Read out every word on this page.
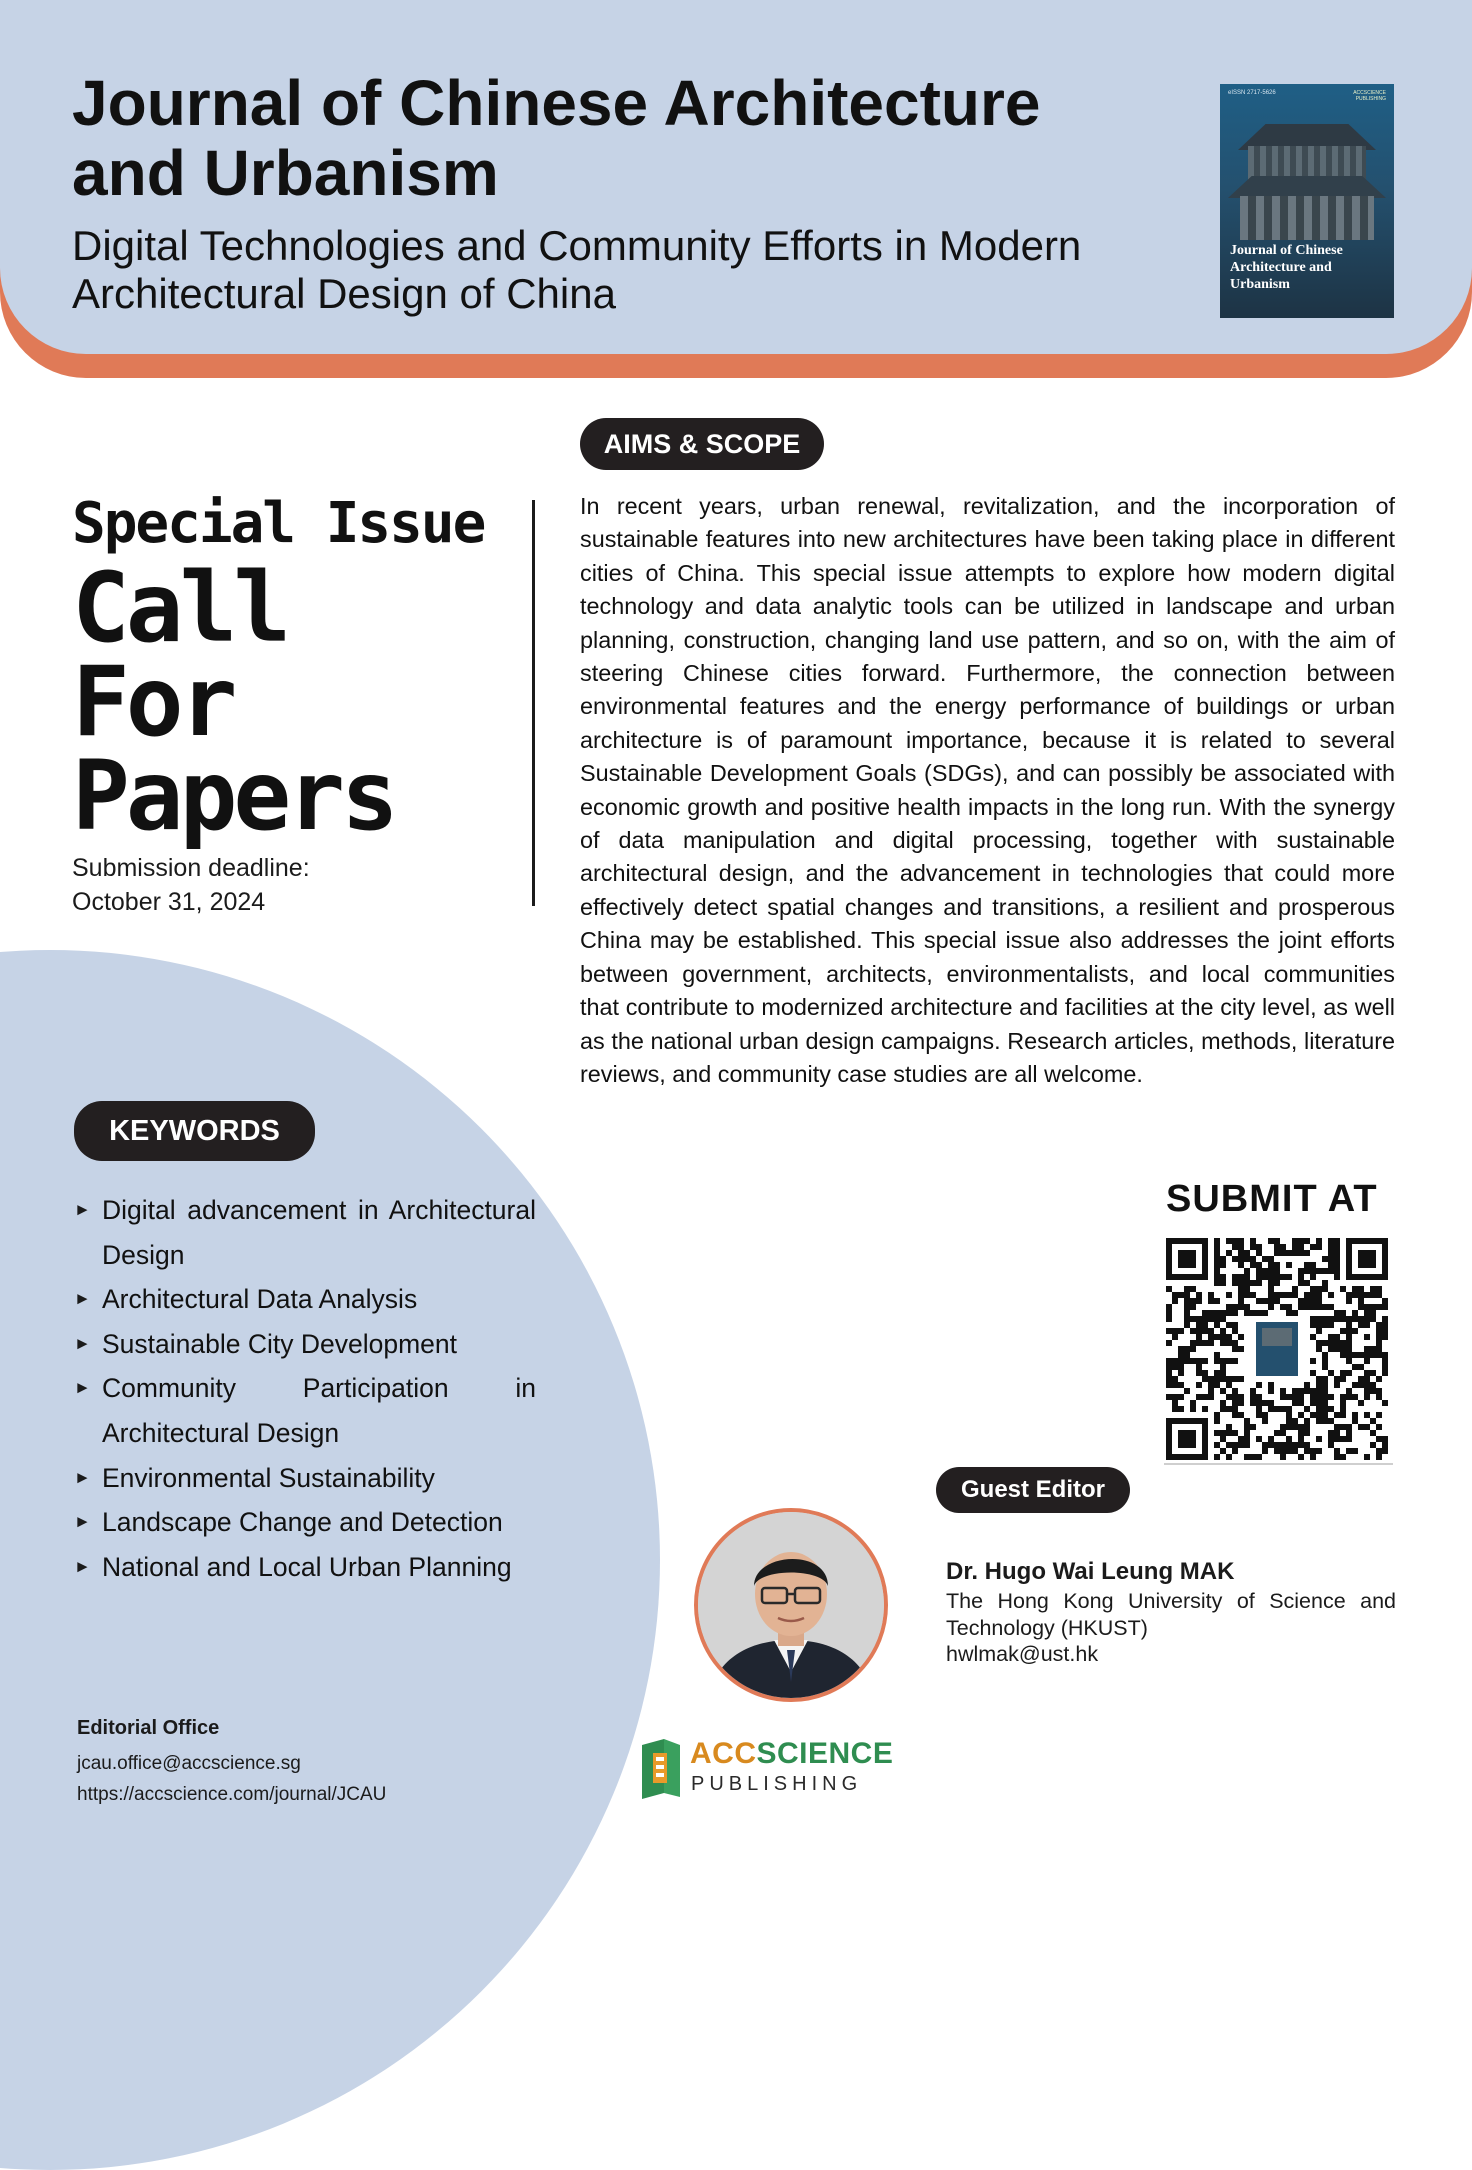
Journal of Chinese Architecture and Urbanism
Digital Technologies and Community Efforts in Modern Architectural Design of China
eISSN 2717-5626	ACCSCIENCE PUBLISHING
Journal of Chinese Architecture and Urbanism
Special Issue
Call
For
Papers
Submission deadline:
October 31, 2024
AIMS & SCOPE

In recent years, urban renewal, revitalization, and the incorporation of sustainable features into new architectures have been taking place in different cities of China. This special issue attempts to explore how modern digital technology and data analytic tools can be utilized in landscape and urban planning, construction, changing land use pattern, and so on, with the aim of steering Chinese cities forward. Furthermore, the connection between environmental features and the energy performance of buildings or urban architecture is of paramount importance, because it is related to several Sustainable Development Goals (SDGs), and can possibly be associated with economic growth and positive health impacts in the long run. With the synergy of data manipulation and digital processing, together with sustainable architectural design, and the advancement in technologies that could more effectively detect spatial changes and transitions, a resilient and prosperous China may be established. This special issue also addresses the joint efforts between government, architects, environmentalists, and local communities that contribute to modernized architecture and facilities at the city level, as well as the national urban design campaigns. Research articles, methods, literature reviews, and community case studies are all welcome.

KEYWORDS
► Digital advancement in Architectural Design
► Architectural Data Analysis
► Sustainable City Development
► Community Participation in Architectural Design
► Environmental Sustainability
► Landscape Change and Detection
► National and Local Urban Planning
Editorial Office
jcau.office@accscience.sg
https://accscience.com/journal/JCAU
SUBMIT AT
Guest Editor
Dr. Hugo Wai Leung MAK

The Hong Kong University of Science and Technology (HKUST)

hwlmak@ust.hk
ACCSCIENCE
PUBLISHING
